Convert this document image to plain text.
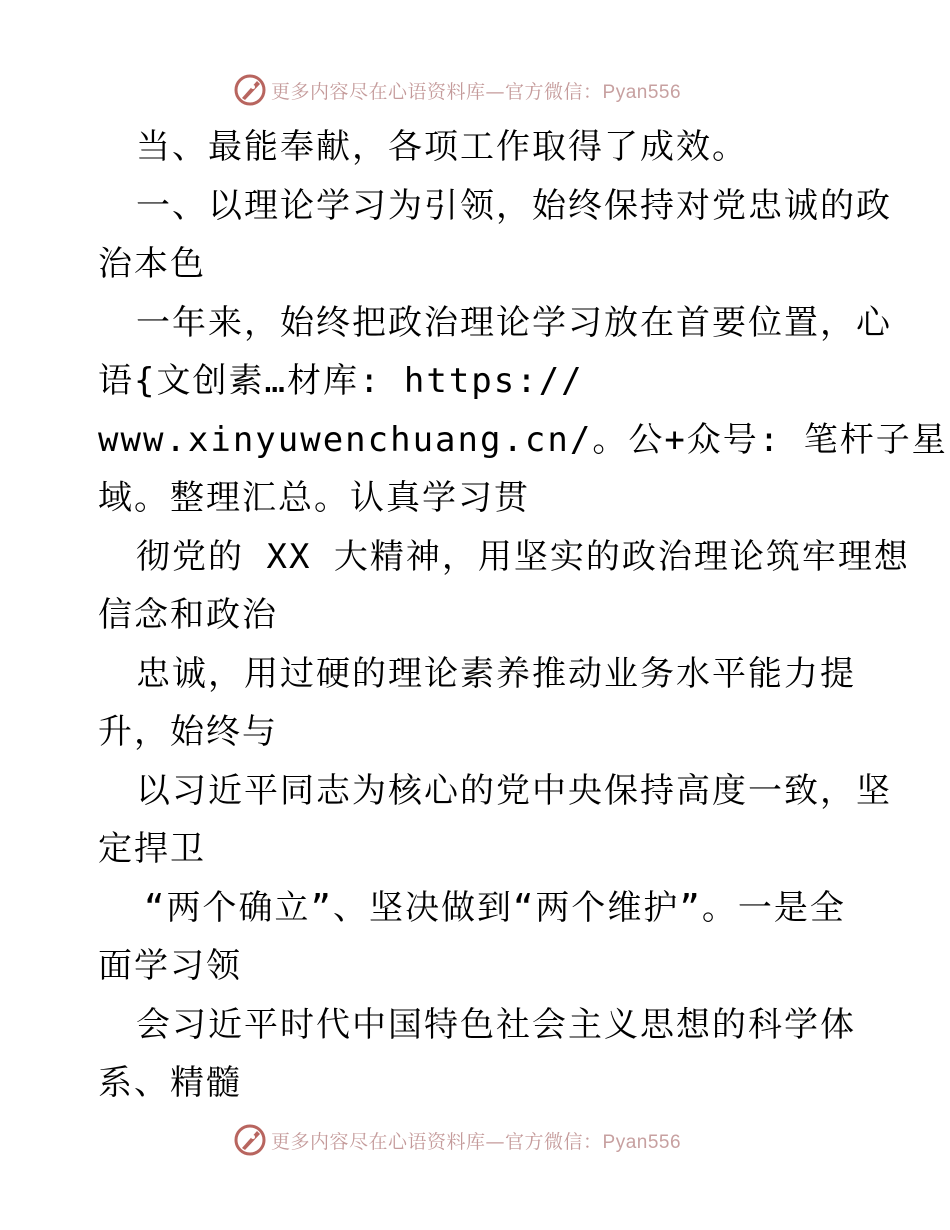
更多内容尽在心语资料库—官方微信：Pyan556
当、最能奉献，各项工作取得了成效。
一、以理论学习为引领，始终保持对党忠诚的政
治本色
一年来，始终把政治理论学习放在首要位置，心
语{文创素…材库: https://
www.xinyuwenchuang.cn/。公+众号: 笔杆子星
域。整理汇总。认真学习贯
彻党的 XX 大精神，用坚实的政治理论筑牢理想
信念和政治
忠诚，用过硬的理论素养推动业务水平能力提
升，始终与
以习近平同志为核心的党中央保持高度一致，坚
定捍卫
“两个确立”、坚决做到“两个维护”。一是全
面学习领
会习近平时代中国特色社会主义思想的科学体
系、精髓
更多内容尽在心语资料库—官方微信：Pyan556
